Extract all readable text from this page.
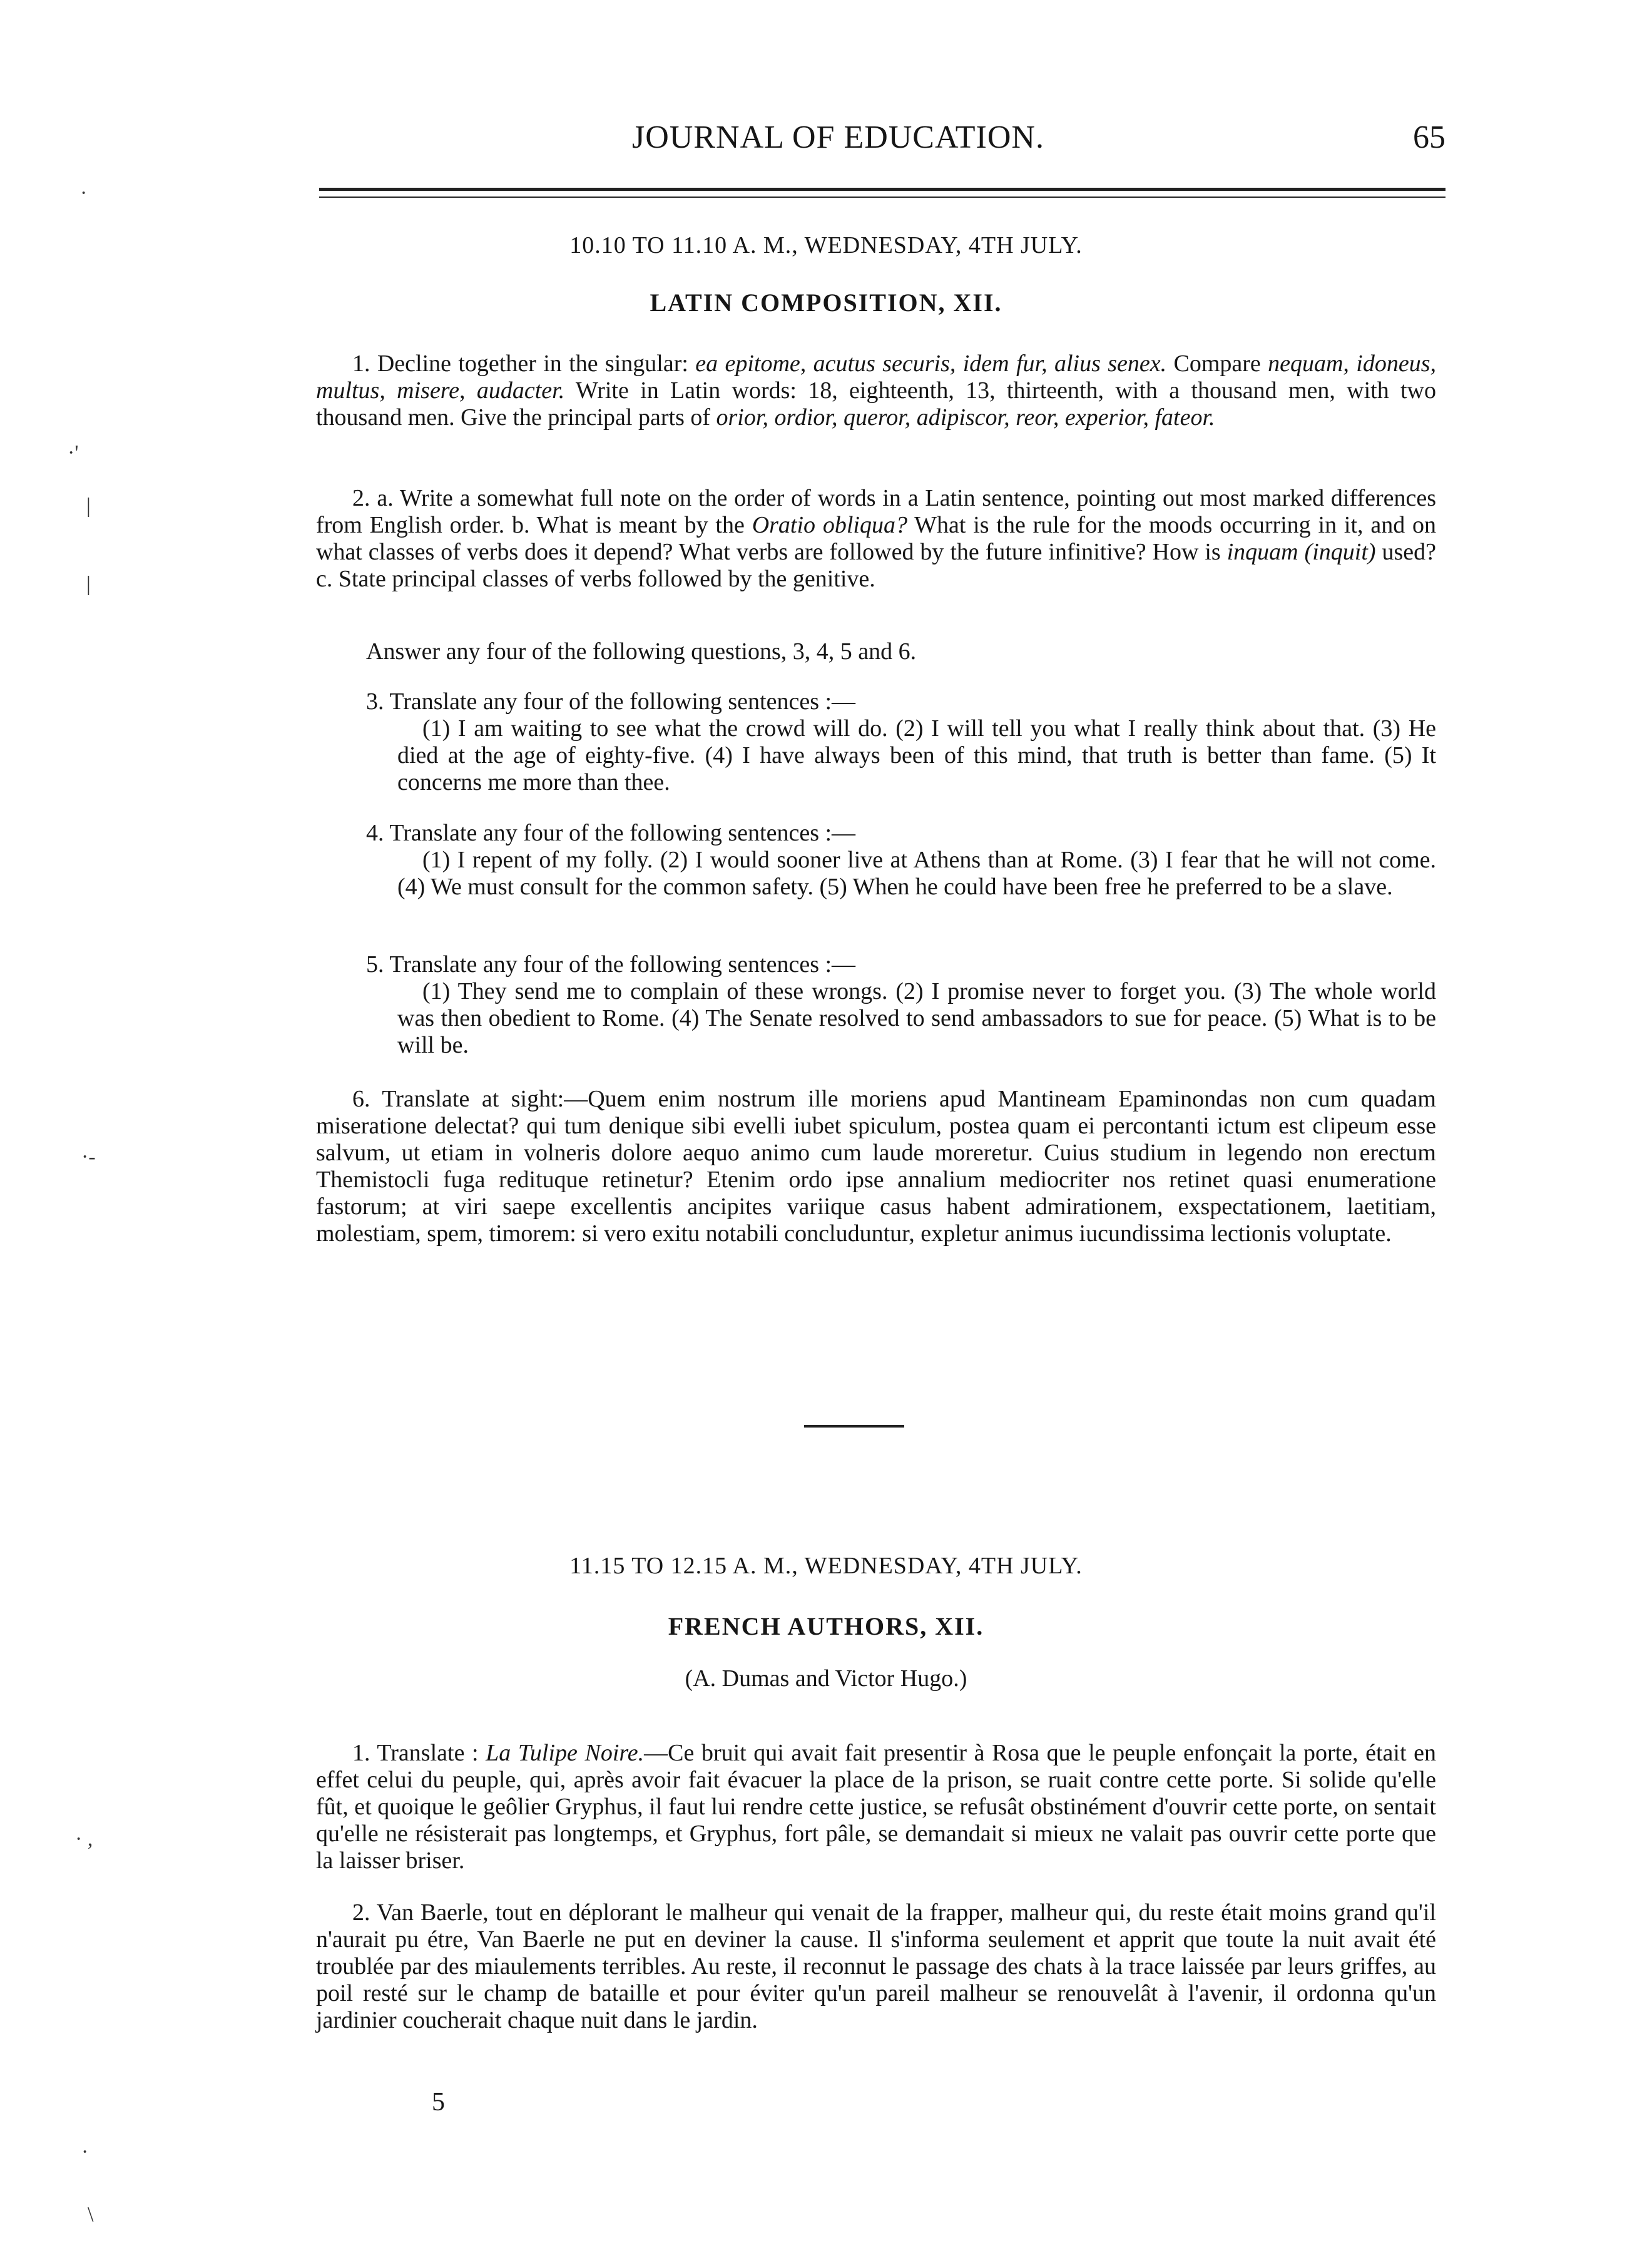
JOURNAL OF EDUCATION.	65
10.10 TO 11.10 A. M., WEDNESDAY, 4TH JULY.
LATIN COMPOSITION, XII.

1. Decline together in the singular: ea epitome, acutus securis, idem fur, alius senex. Compare nequam, idoneus, multus, misere, audacter. Write in Latin words: 18, eighteenth, 13, thirteenth, with a thousand men, with two thousand men. Give the principal parts of orior, ordior, queror, adipiscor, reor, experior, fateor.

2. a. Write a somewhat full note on the order of words in a Latin sentence, pointing out most marked differences from English order. b. What is meant by the Oratio obliqua? What is the rule for the moods occurring in it, and on what classes of verbs does it depend? What verbs are followed by the future infinitive? How is inquam (inquit) used? c. State principal classes of verbs followed by the genitive.

Answer any four of the following questions, 3, 4, 5 and 6.

3. Translate any four of the following sentences :—

(1) I am waiting to see what the crowd will do. (2) I will tell you what I really think about that. (3) He died at the age of eighty-five. (4) I have always been of this mind, that truth is better than fame. (5) It concerns me more than thee.

4. Translate any four of the following sentences :—

(1) I repent of my folly. (2) I would sooner live at Athens than at Rome. (3) I fear that he will not come. (4) We must consult for the common safety. (5) When he could have been free he preferred to be a slave.

5. Translate any four of the following sentences :—

(1) They send me to complain of these wrongs. (2) I promise never to forget you. (3) The whole world was then obedient to Rome. (4) The Senate resolved to send ambassadors to sue for peace. (5) What is to be will be.

6. Translate at sight:—Quem enim nostrum ille moriens apud Mantineam Epaminondas non cum quadam miseratione delectat? qui tum denique sibi evelli iubet spiculum, postea quam ei percontanti ictum est clipeum esse salvum, ut etiam in volneris dolore aequo animo cum laude moreretur. Cuius studium in legendo non erectum Themistocli fuga redituque retinetur? Etenim ordo ipse annalium mediocriter nos retinet quasi enumeratione fastorum; at viri saepe excellentis ancipites variique casus habent admirationem, exspectationem, laetitiam, molestiam, spem, timorem: si vero exitu notabili concluduntur, expletur animus iucundissima lectionis voluptate.

11.15 TO 12.15 A. M., WEDNESDAY, 4TH JULY.
FRENCH AUTHORS, XII.
(A. Dumas and Victor Hugo.)

1. Translate : La Tulipe Noire.—Ce bruit qui avait fait presentir à Rosa que le peuple enfonçait la porte, était en effet celui du peuple, qui, après avoir fait évacuer la place de la prison, se ruait contre cette porte. Si solide qu'elle fût, et quoique le geôlier Gryphus, il faut lui rendre cette justice, se refusât obstinément d'ouvrir cette porte, on sentait qu'elle ne résisterait pas longtemps, et Gryphus, fort pâle, se demandait si mieux ne valait pas ouvrir cette porte que la laisser briser.

2. Van Baerle, tout en déplorant le malheur qui venait de la frapper, malheur qui, du reste était moins grand qu'il n'aurait pu étre, Van Baerle ne put en deviner la cause. Il s'informa seulement et apprit que toute la nuit avait été troublée par des miaulements terribles. Au reste, il reconnut le passage des chats à la trace laissée par leurs griffes, au poil resté sur le champ de bataille et pour éviter qu'un pareil malheur se renouvelât à l'avenir, il ordonna qu'un jardinier coucherait chaque nuit dans le jardin.

5
·
·'
|
|
·-
· ,
·
\
